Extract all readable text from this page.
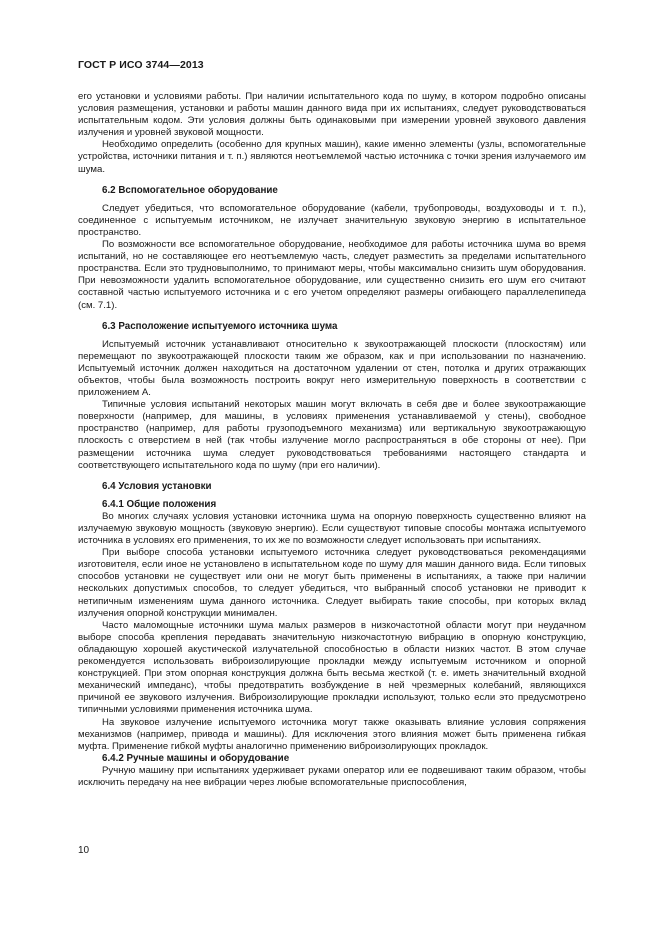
ГОСТ Р ИСО 3744—2013

его установки и условиями работы. При наличии испытательного кода по шуму, в котором подробно описаны условия размещения, установки и работы машин данного вида при их испытаниях, следует руководствоваться испытательным кодом. Эти условия должны быть одинаковыми при измерении уровней звукового давления излучения и уровней звуковой мощности.

Необходимо определить (особенно для крупных машин), какие именно элементы (узлы, вспомогательные устройства, источники питания и т. п.) являются неотъемлемой частью источника с точки зрения излучаемого им шума.

6.2 Вспомогательное оборудование

Следует убедиться, что вспомогательное оборудование (кабели, трубопроводы, воздуховоды и т. п.), соединенное с испытуемым источником, не излучает значительную звуковую энергию в испытательное пространство.

По возможности все вспомогательное оборудование, необходимое для работы источника шума во время испытаний, но не составляющее его неотъемлемую часть, следует разместить за пределами испытательного пространства. Если это трудновыполнимо, то принимают меры, чтобы максимально снизить шум оборудования. При невозможности удалить вспомогательное оборудование, или существенно снизить его шум его считают составной частью испытуемого источника и с его учетом определяют размеры огибающего параллелепипеда (см. 7.1).

6.3 Расположение испытуемого источника шума

Испытуемый источник устанавливают относительно к звукоотражающей плоскости (плоскостям) или перемещают по звукоотражающей плоскости таким же образом, как и при использовании по назначению. Испытуемый источник должен находиться на достаточном удалении от стен, потолка и других отражающих объектов, чтобы была возможность построить вокруг него измерительную поверхность в соответствии с приложением А.

Типичные условия испытаний некоторых машин могут включать в себя две и более звукоотражающие поверхности (например, для машины, в условиях применения устанавливаемой у стены), свободное пространство (например, для работы грузоподъемного механизма) или вертикальную звукоотражающую плоскость с отверстием в ней (так чтобы излучение могло распространяться в обе стороны от нее). При размещении источника шума следует руководствоваться требованиями настоящего стандарта и соответствующего испытательного кода по шуму (при его наличии).

6.4 Условия установки
6.4.1 Общие положения

Во многих случаях условия установки источника шума на опорную поверхность существенно влияют на излучаемую звуковую мощность (звуковую энергию). Если существуют типовые способы монтажа испытуемого источника в условиях его применения, то их же по возможности следует использовать при испытаниях.

При выборе способа установки испытуемого источника следует руководствоваться рекомендациями изготовителя, если иное не установлено в испытательном коде по шуму для машин данного вида. Если типовых способов установки не существует или они не могут быть применены в испытаниях, а также при наличии нескольких допустимых способов, то следует убедиться, что выбранный способ установки не приводит к нетипичным изменениям шума данного источника. Следует выбирать такие способы, при которых вклад излучения опорной конструкции минимален.

Часто маломощные источники шума малых размеров в низкочастотной области могут при неудачном выборе способа крепления передавать значительную низкочастотную вибрацию в опорную конструкцию, обладающую хорошей акустической излучательной способностью в области низких частот. В этом случае рекомендуется использовать виброизолирующие прокладки между испытуемым источником и опорной конструкцией. При этом опорная конструкция должна быть весьма жесткой (т. е. иметь значительный входной механический импеданс), чтобы предотвратить возбуждение в ней чрезмерных колебаний, являющихся причиной ее звукового излучения. Виброизолирующие прокладки используют, только если это предусмотрено типичными условиями применения источника шума.

На звуковое излучение испытуемого источника могут также оказывать влияние условия сопряжения механизмов (например, привода и машины). Для исключения этого влияния может быть применена гибкая муфта. Применение гибкой муфты аналогично применению виброизолирующих прокладок.

6.4.2 Ручные машины и оборудование

Ручную машину при испытаниях удерживает руками оператор или ее подвешивают таким образом, чтобы исключить передачу на нее вибрации через любые вспомогательные приспособления,

10
